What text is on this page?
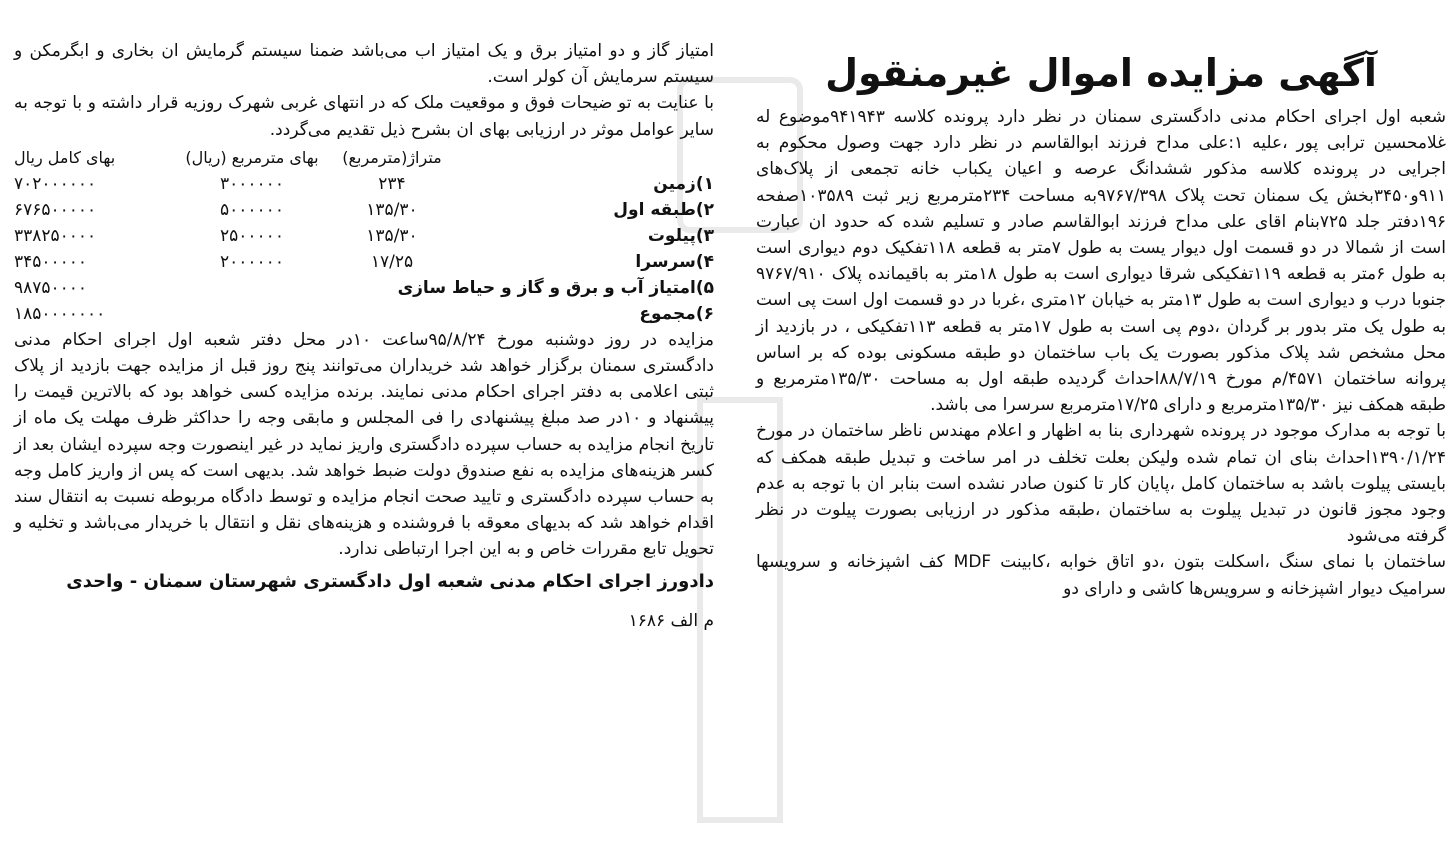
آگهی مزایده اموال غیرمنقول

شعبه اول اجرای احکام مدنی دادگستری سمنان در نظر دارد پرونده کلاسه ۹۴۱۹۴۳موضوع له غلامحسین ترابی پور ،علیه ۱:علی مداح فرزند ابوالقاسم در نظر دارد جهت وصول محکوم به اجرایی در پرونده کلاسه مذکور ششدانگ عرصه و اعیان یکباب خانه تجمعی از پلاک‌های ۹۱۱و۳۴۵۰بخش یک سمنان تحت پلاک ۹۷۶۷/۳۹۸به مساحت ۲۳۴مترمربع زیر ثبت ۱۰۳۵۸۹صفحه ۱۹۶دفتر جلد ۷۲۵بنام اقای علی مداح فرزند ابوالقاسم صادر و تسلیم شده که حدود ان عبارت است از شمالا در دو قسمت اول دیوار یست به طول ۷متر به قطعه ۱۱۸تفکیک دوم دیواری است به طول ۶متر به قطعه ۱۱۹تفکیکی شرقا دیواری است به طول ۱۸متر به باقیمانده پلاک ۹۷۶۷/۹۱۰ جنوبا درب و دیواری است به طول ۱۳متر به خیابان ۱۲متری ،غربا در دو قسمت اول است پی است به طول یک متر بدور بر گردان ،دوم پی است به طول ۱۷متر به قطعه ۱۱۳تفکیکی ، در بازدید از محل مشخص شد پلاک مذکور بصورت یک باب ساختمان دو طبقه مسکونی بوده که بر اساس پروانه ساختمان ۴۵۷۱/م مورخ ۸۸/۷/۱۹احداث گردیده طبقه اول به مساحت ۱۳۵/۳۰مترمربع و طبقه همکف نیز ۱۳۵/۳۰مترمربع و دارای ۱۷/۲۵مترمربع سرسرا می باشد.

با توجه به مدارک موجود در پرونده شهرداری بنا به اظهار و اعلام مهندس ناظر ساختمان در مورخ ۱۳۹۰/۱/۲۴احداث بنای ان تمام شده ولیکن بعلت تخلف در امر ساخت و تبدیل طبقه همکف که بایستی پیلوت باشد به ساختمان کامل ،پایان کار تا کنون صادر نشده است بنابر ان با توجه به عدم وجود مجوز قانون در تبدیل پیلوت به ساختمان ،طبقه مذکور در ارزیابی بصورت پیلوت در نظر گرفته می‌شود

ساختمان با نمای سنگ ،اسکلت بتون ،دو اتاق خوابه ،کابینت MDF کف اشپزخانه و سرویسها سرامیک دیوار اشپزخانه و سرویس‌ها کاشی و دارای دو

امتیاز گاز و دو امتیاز برق و یک امتیاز اب می‌باشد ضمنا سیستم گرمایش ان بخاری و ابگرمکن و سیستم سرمایش آن کولر است.

با عنایت به تو ضیحات فوق و موقعیت ملک که در انتهای غربی شهرک روزیه قرار داشته و با توجه به سایر عوامل موثر در ارزیابی بهای ان بشرح ذیل تقدیم می‌گردد.

	متراژ(مترمربع)	بهای مترمربع (ریال)	بهای کامل ریال
۱)زمین	۲۳۴	۳۰۰۰۰۰۰	۷۰۲۰۰۰۰۰۰
۲)طبقه اول	۱۳۵/۳۰	۵۰۰۰۰۰۰	۶۷۶۵۰۰۰۰۰
۳)پیلوت	۱۳۵/۳۰	۲۵۰۰۰۰۰	۳۳۸۲۵۰۰۰۰
۴)سرسرا	۱۷/۲۵	۲۰۰۰۰۰۰	۳۴۵۰۰۰۰۰
۵)امتیاز آب و برق و گاز و حیاط سازی			۹۸۷۵۰۰۰۰
۶)مجموع			۱۸۵۰۰۰۰۰۰۰

مزایده در روز دوشنبه مورخ ۹۵/۸/۲۴ساعت ۱۰در محل دفتر شعبه اول اجرای احکام مدنی دادگستری سمنان برگزار خواهد شد خریداران می‌توانند پنج روز قبل از مزایده جهت بازدید از پلاک ثبتی اعلامی به دفتر اجرای احکام مدنی نمایند. برنده مزایده کسی خواهد بود که بالاترین قیمت را پیشنهاد و ۱۰در صد مبلغ پیشنهادی را فی المجلس و مابقی وجه را حداکثر ظرف مهلت یک ماه از تاریخ انجام مزایده به حساب سپرده دادگستری واریز نماید در غیر اینصورت وجه سپرده ایشان بعد از کسر هزینه‌های مزایده به نفع صندوق دولت ضبط خواهد شد. بدیهی است که پس از واریز کامل وجه به حساب سپرده دادگستری و تایید صحت انجام مزایده و توسط دادگاه مربوطه نسبت به انتقال سند اقدام خواهد شد که بدیهای معوقه با فروشنده و هزینه‌های نقل و انتقال با خریدار می‌باشد و تخلیه و تحویل تابع مقررات خاص و به این اجرا ارتباطی ندارد.

دادورز اجرای احکام مدنی شعبه اول دادگستری شهرستان سمنان - واحدی
م الف ۱۶۸۶
